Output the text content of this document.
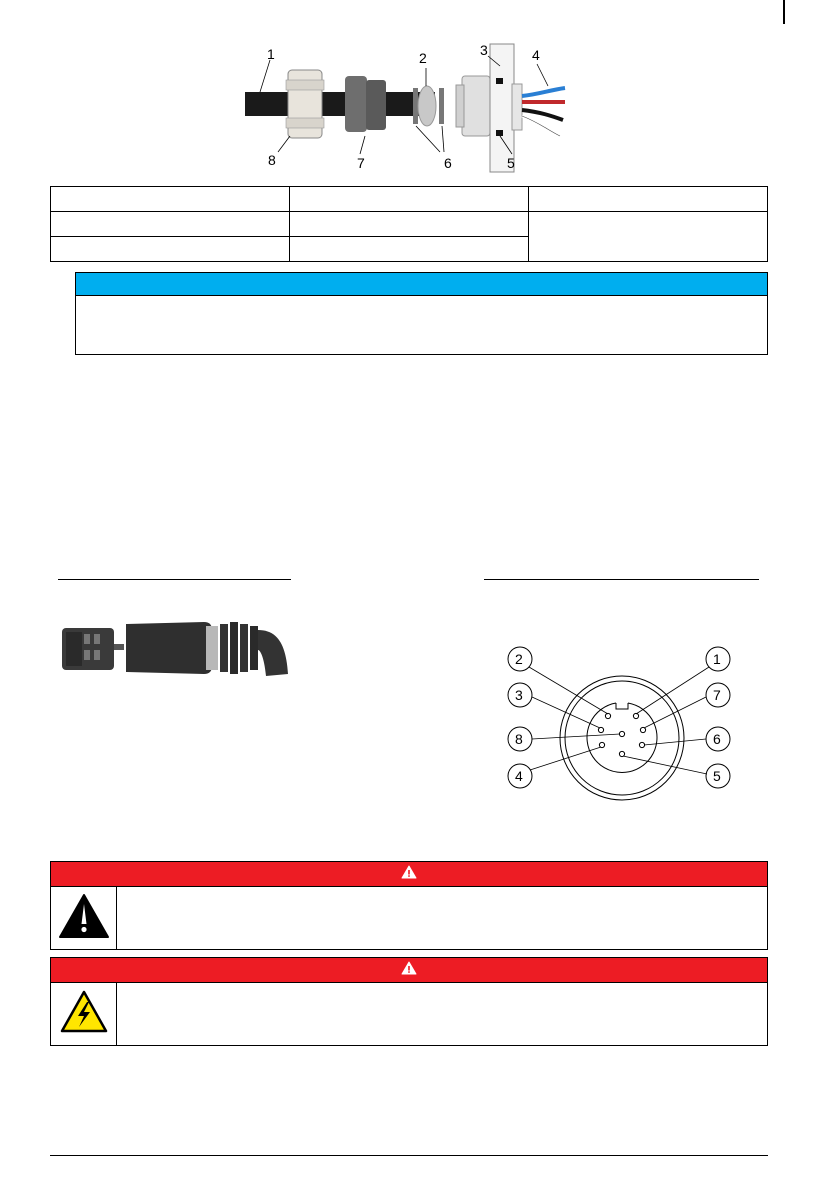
1	2	3	4
5
6
7
8

2	1
3	7
8	6
4	5
